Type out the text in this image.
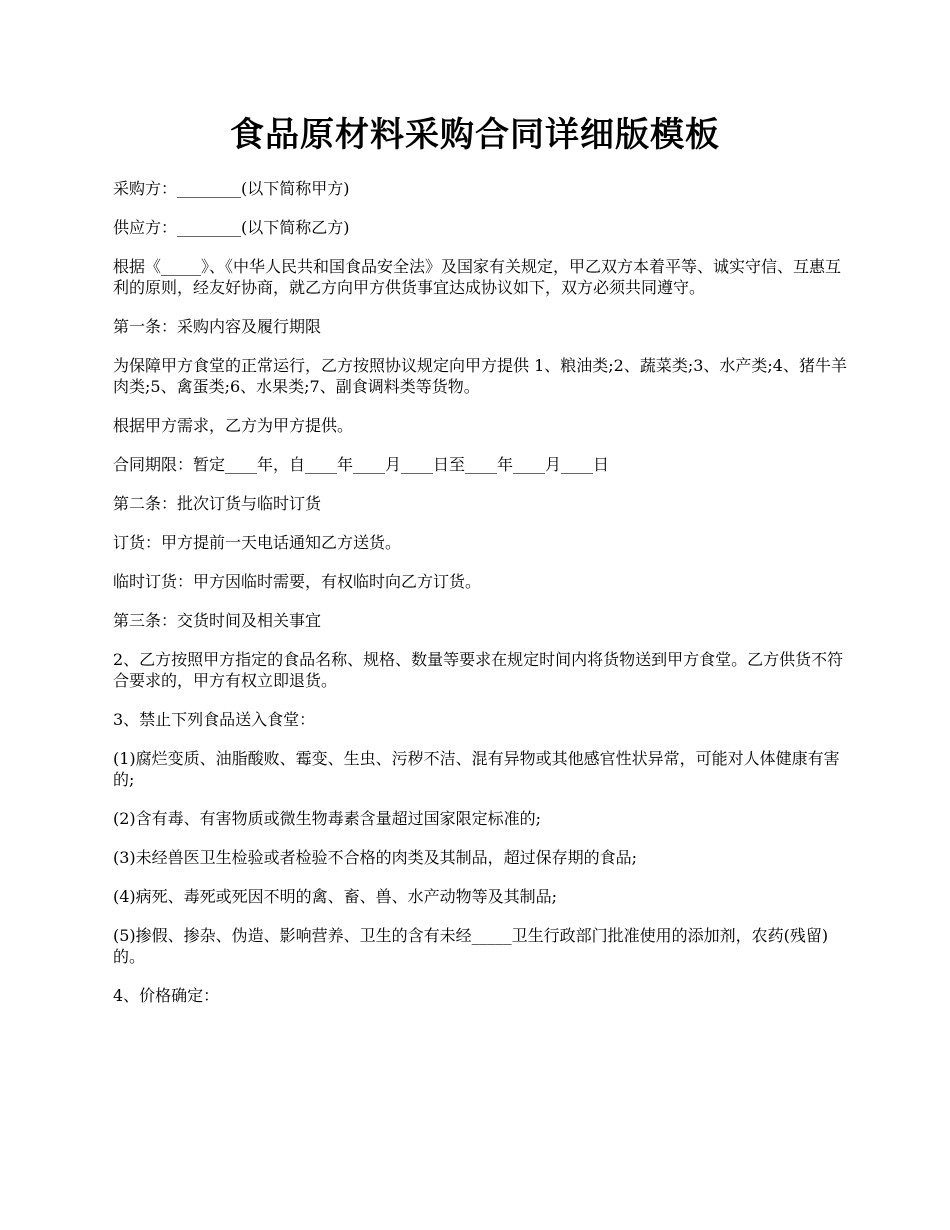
食品原材料采购合同详细版模板

采购方：________(以下简称甲方)

供应方：________(以下简称乙方)

根据《_____》、《中华人民共和国食品安全法》及国家有关规定，甲乙双方本着平等、诚实守信、互惠互利的原则，经友好协商，就乙方向甲方供货事宜达成协议如下，双方必须共同遵守。

第一条：采购内容及履行期限

为保障甲方食堂的正常运行，乙方按照协议规定向甲方提供 1、粮油类;2、蔬菜类;3、水产类;4、猪牛羊肉类;5、禽蛋类;6、水果类;7、副食调料类等货物。

根据甲方需求，乙方为甲方提供。

合同期限：暂定____年，自____年____月____日至____年____月____日

第二条：批次订货与临时订货

订货：甲方提前一天电话通知乙方送货。

临时订货：甲方因临时需要，有权临时向乙方订货。

第三条：交货时间及相关事宜

2、乙方按照甲方指定的食品名称、规格、数量等要求在规定时间内将货物送到甲方食堂。乙方供货不符合要求的，甲方有权立即退货。

3、禁止下列食品送入食堂：

(1)腐烂变质、油脂酸败、霉变、生虫、污秽不洁、混有异物或其他感官性状异常，可能对人体健康有害的;

(2)含有毒、有害物质或微生物毒素含量超过国家限定标准的;

(3)未经兽医卫生检验或者检验不合格的肉类及其制品，超过保存期的食品;

(4)病死、毒死或死因不明的禽、畜、兽、水产动物等及其制品;

(5)掺假、掺杂、伪造、影响营养、卫生的含有未经_____卫生行政部门批准使用的添加剂，农药(残留)的。

4、价格确定：
